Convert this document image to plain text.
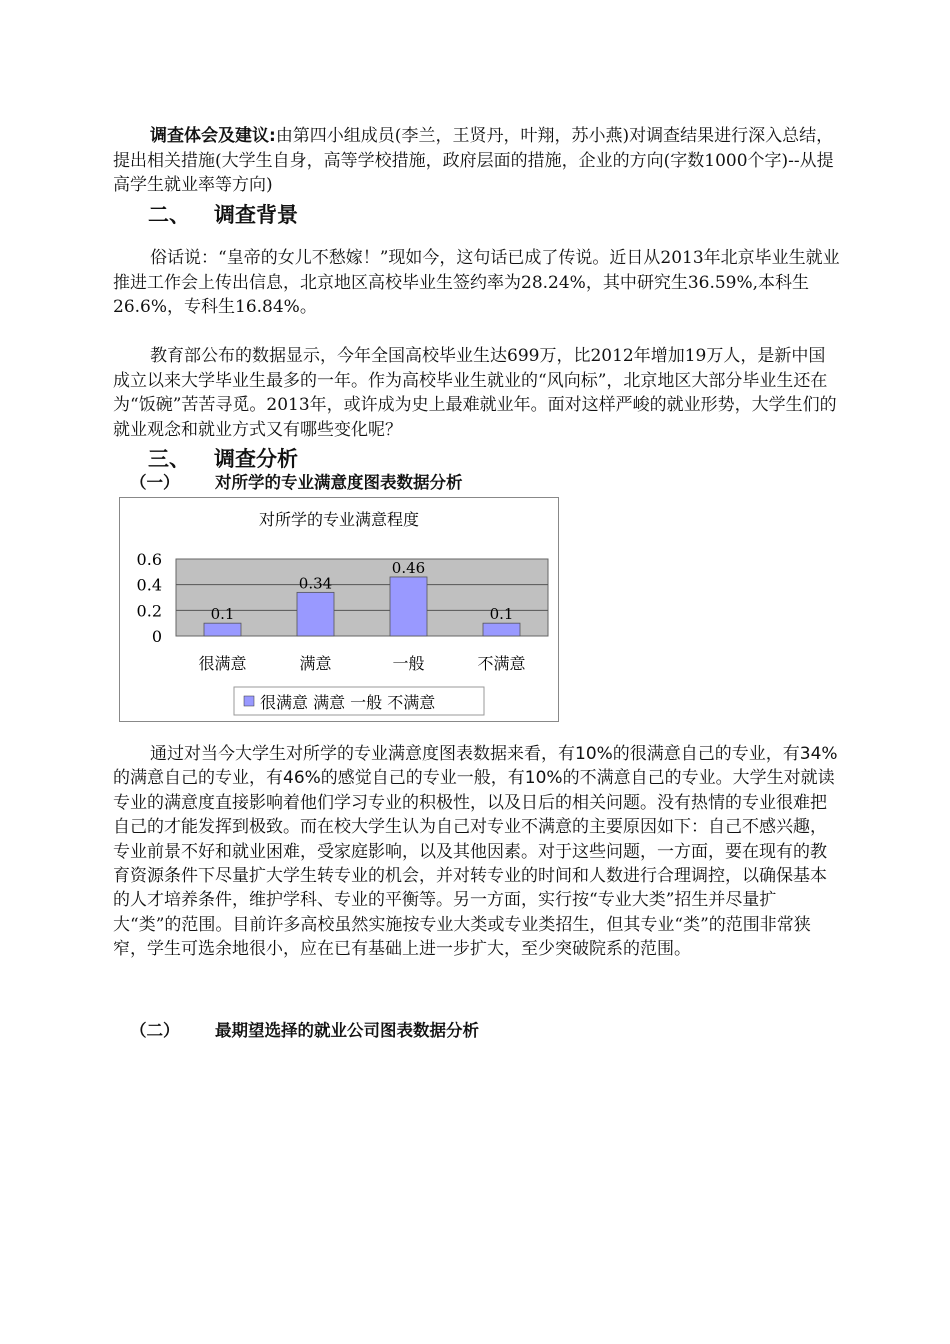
调查体会及建议:由第四小组成员(李兰，王贤丹，叶翔，苏小燕)对调查结果进行深入总结，提出相关措施(大学生自身，高等学校措施，政府层面的措施，企业的方向(字数1000个字)--从提高学生就业率等方向)

二、 调查背景

俗话说：“皇帝的女儿不愁嫁！”现如今，这句话已成了传说。近日从2013年北京毕业生就业推进工作会上传出信息，北京地区高校毕业生签约率为28.24%，其中研究生36.59%,本科生26.6%，专科生16.84%。

教育部公布的数据显示，今年全国高校毕业生达699万，比2012年增加19万人，是新中国成立以来大学毕业生最多的一年。作为高校毕业生就业的“风向标”，北京地区大部分毕业生还在为“饭碗”苦苦寻觅。2013年，或许成为史上最难就业年。面对这样严峻的就业形势，大学生们的就业观念和就业方式又有哪些变化呢？

三、 调查分析
（一） 对所学的专业满意度图表数据分析
对所学的专业满意程度
0
0.2
0.4
0.6
0.1
很满意
0.34
满意
0.46
一般
0.1
不满意
很满意 满意 一般 不满意

通过对当今大学生对所学的专业满意度图表数据来看，有10%的很满意自己的专业，有34%的满意自己的专业，有46%的感觉自己的专业一般，有10%的不满意自己的专业。大学生对就读专业的满意度直接影响着他们学习专业的积极性，以及日后的相关问题。没有热情的专业很难把自己的才能发挥到极致。而在校大学生认为自己对专业不满意的主要原因如下：自己不感兴趣，专业前景不好和就业困难，受家庭影响，以及其他因素。对于这些问题，一方面，要在现有的教育资源条件下尽量扩大学生转专业的机会，并对转专业的时间和人数进行合理调控，以确保基本的人才培养条件，维护学科、专业的平衡等。另一方面，实行按“专业大类”招生并尽量扩大“类”的范围。目前许多高校虽然实施按专业大类或专业类招生，但其专业“类”的范围非常狭窄，学生可选余地很小，应在已有基础上进一步扩大，至少突破院系的范围。

（二） 最期望选择的就业公司图表数据分析
